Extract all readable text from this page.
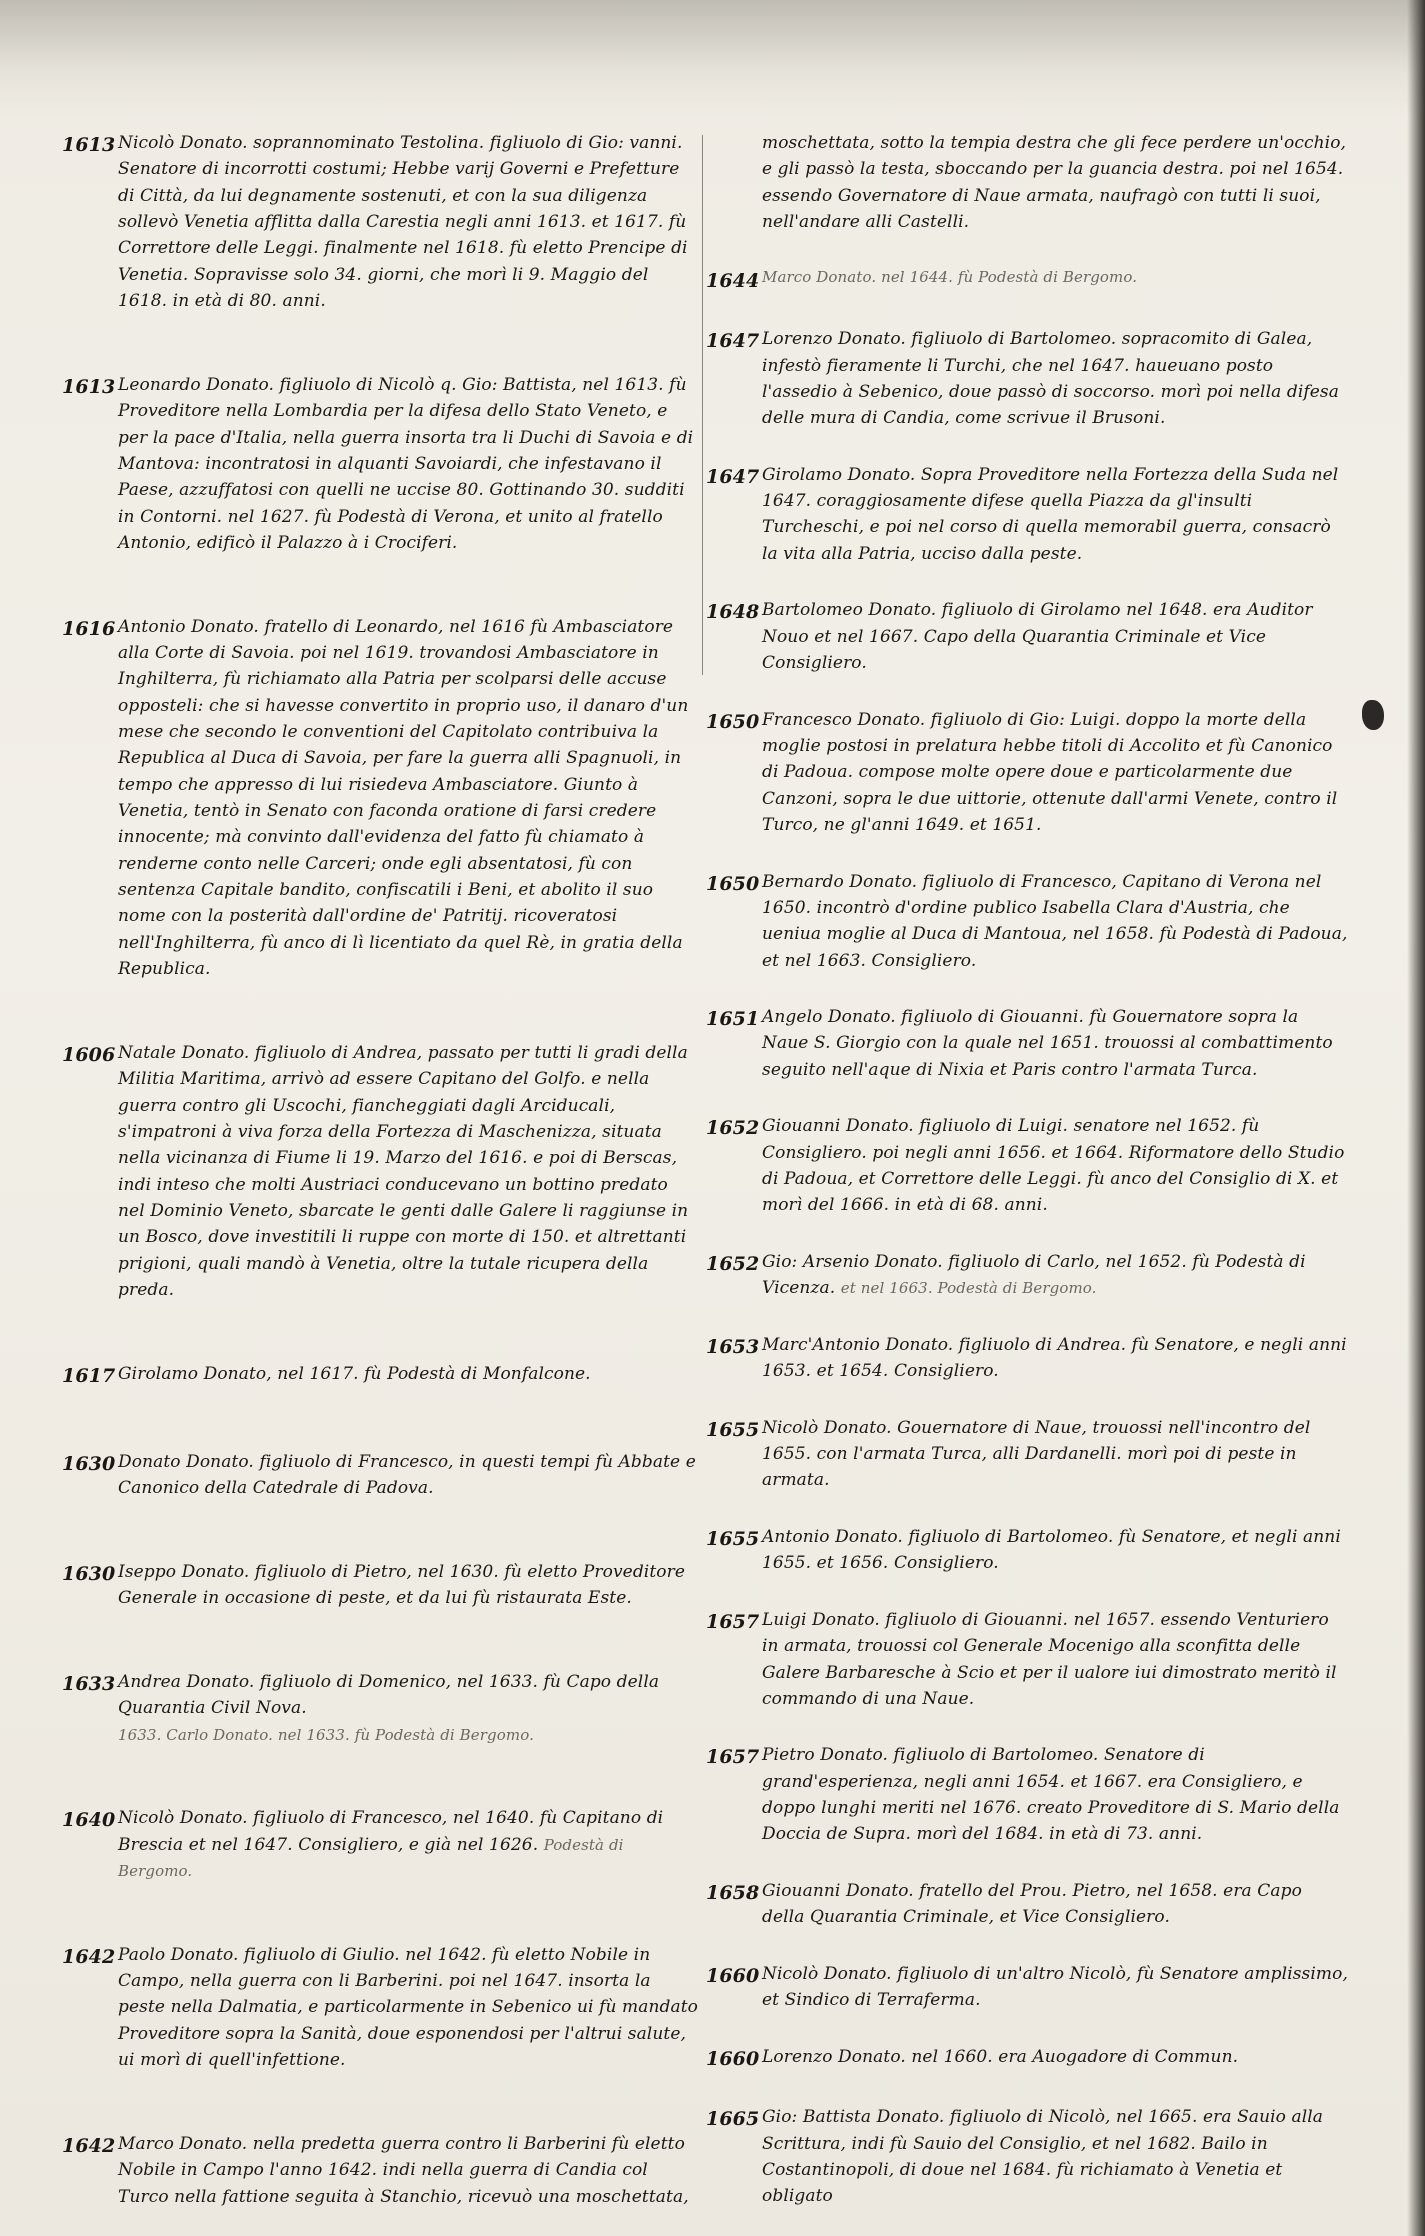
1613 Nicolò Donato. soprannominato Testolina. figliuolo di Gio: vanni. Senatore di incorrotti costumi; Hebbe varij Governi e Prefetture di Città, da lui degnamente sostenuti, et con la sua diligenza sollevò Venetia afflitta dalla Carestia negli anni 1613. et 1617. fù Correttore delle Leggi. finalmente nel 1618. fù eletto Prencipe di Venetia. Sopravisse solo 34. giorni, che morì li 9. Maggio del 1618. in età di 80. anni.
1613 Leonardo Donato. figliuolo di Nicolò q. Gio: Battista, nel 1613. fù Proveditore nella Lombardia per la difesa dello Stato Veneto, e per la pace d'Italia, nella guerra insorta tra li Duchi di Savoia e di Mantova: incontratosi in alquanti Savoiardi, che infestavano il Paese, azzuffatosi con quelli ne uccise 80. Gottinando 30. sudditi in Contorni. nel 1627. fù Podestà di Verona, et unito al fratello Antonio, edificò il Palazzo à i Crociferi.
1616 Antonio Donato. fratello di Leonardo, nel 1616 fù Ambasciatore alla Corte di Savoia. poi nel 1619. trovandosi Ambasciatore in Inghilterra, fù richiamato alla Patria per scolparsi delle accuse opposteli: che si havesse convertito in proprio uso, il danaro d'un mese che secondo le conventioni del Capitolato contribuiva la Republica al Duca di Savoia, per fare la guerra alli Spagnuoli, in tempo che appresso di lui risiedeva Ambasciatore. Giunto à Venetia, tentò in Senato con faconda oratione di farsi credere innocente; mà convinto dall'evidenza del fatto fù chiamato à renderne conto nelle Carceri; onde egli absentatosi, fù con sentenza Capitale bandito, confiscatili i Beni, et abolito il suo nome con la posterità dall'ordine de' Patritij. ricoveratosi nell'Inghilterra, fù anco di lì licentiato da quel Rè, in gratia della Republica.
1606 Natale Donato. figliuolo di Andrea, passato per tutti li gradi della Militia Maritima, arrivò ad essere Capitano del Golfo. e nella guerra contro gli Uscochi, fiancheggiati dagli Arciducali, s'impatroni à viva forza della Fortezza di Maschenizza, situata nella vicinanza di Fiume li 19. Marzo del 1616. e poi di Berscas, indi inteso che molti Austriaci conducevano un bottino predato nel Dominio Veneto, sbarcate le genti dalle Galere li raggiunse in un Bosco, dove investitili li ruppe con morte di 150. et altrettanti prigioni, quali mandò à Venetia, oltre la tutale ricupera della preda.
1617 Girolamo Donato, nel 1617. fù Podestà di Monfalcone.
1630 Donato Donato. figliuolo di Francesco, in questi tempi fù Abbate e Canonico della Catedrale di Padova.
1630 Iseppo Donato. figliuolo di Pietro, nel 1630. fù eletto Proveditore Generale in occasione di peste, et da lui fù ristaurata Este.
1633 Andrea Donato. figliuolo di Domenico, nel 1633. fù Capo della Quarantia Civil Nova.
1633. Carlo Donato. nel 1633. fù Podestà di Bergomo.
1640 Nicolò Donato. figliuolo di Francesco, nel 1640. fù Capitano di Brescia et nel 1647. Consigliero, e già nel 1626. Podestà di Bergomo.
1642 Paolo Donato. figliuolo di Giulio. nel 1642. fù eletto Nobile in Campo, nella guerra con li Barberini. poi nel 1647. insorta la peste nella Dalmatia, e particolarmente in Sebenico ui fù mandato Proveditore sopra la Sanità, doue esponendosi per l'altrui salute, ui morì di quell'infettione.
1642 Marco Donato. nella predetta guerra contro li Barberini fù eletto Nobile in Campo l'anno 1642. indi nella guerra di Candia col Turco nella fattione seguita à Stanchio, ricevuò una moschettata,
moschettata, sotto la tempia destra che gli fece perdere un'occhio, e gli passò la testa, sboccando per la guancia destra. poi nel 1654. essendo Governatore di Naue armata, naufragò con tutti li suoi, nell'andare alli Castelli.
1644 Marco Donato. nel 1644. fù Podestà di Bergomo.
1647 Lorenzo Donato. figliuolo di Bartolomeo. sopracomito di Galea, infestò fieramente li Turchi, che nel 1647. haueuano posto l'assedio à Sebenico, doue passò di soccorso. morì poi nella difesa delle mura di Candia, come scrivue il Brusoni.
1647 Girolamo Donato. Sopra Proveditore nella Fortezza della Suda nel 1647. coraggiosamente difese quella Piazza da gl'insulti Turcheschi, e poi nel corso di quella memorabil guerra, consacrò la vita alla Patria, ucciso dalla peste.
1648 Bartolomeo Donato. figliuolo di Girolamo nel 1648. era Auditor Nouo et nel 1667. Capo della Quarantia Criminale et Vice Consigliero.
1650 Francesco Donato. figliuolo di Gio: Luigi. doppo la morte della moglie postosi in prelatura hebbe titoli di Accolito et fù Canonico di Padoua. compose molte opere doue e particolarmente due Canzoni, sopra le due uittorie, ottenute dall'armi Venete, contro il Turco, ne gl'anni 1649. et 1651.
1650 Bernardo Donato. figliuolo di Francesco, Capitano di Verona nel 1650. incontrò d'ordine publico Isabella Clara d'Austria, che ueniua moglie al Duca di Mantoua, nel 1658. fù Podestà di Padoua, et nel 1663. Consigliero.
1651 Angelo Donato. figliuolo di Giouanni. fù Gouernatore sopra la Naue S. Giorgio con la quale nel 1651. trouossi al combattimento seguito nell'aque di Nixia et Paris contro l'armata Turca.
1652 Giouanni Donato. figliuolo di Luigi. senatore nel 1652. fù Consigliero. poi negli anni 1656. et 1664. Riformatore dello Studio di Padoua, et Correttore delle Leggi. fù anco del Consiglio di X. et morì del 1666. in età di 68. anni.
1652 Gio: Arsenio Donato. figliuolo di Carlo, nel 1652. fù Podestà di Vicenza. et nel 1663. Podestà di Bergomo.
1653 Marc'Antonio Donato. figliuolo di Andrea. fù Senatore, e negli anni 1653. et 1654. Consigliero.
1655 Nicolò Donato. Gouernatore di Naue, trouossi nell'incontro del 1655. con l'armata Turca, alli Dardanelli. morì poi di peste in armata.
1655 Antonio Donato. figliuolo di Bartolomeo. fù Senatore, et negli anni 1655. et 1656. Consigliero.
1657 Luigi Donato. figliuolo di Giouanni. nel 1657. essendo Venturiero in armata, trouossi col Generale Mocenigo alla sconfitta delle Galere Barbaresche à Scio et per il ualore iui dimostrato meritò il commando di una Naue.
1657 Pietro Donato. figliuolo di Bartolomeo. Senatore di grand'esperienza, negli anni 1654. et 1667. era Consigliero, e doppo lunghi meriti nel 1676. creato Proveditore di S. Mario della Doccia de Supra. morì del 1684. in età di 73. anni.
1658 Giouanni Donato. fratello del Prou. Pietro, nel 1658. era Capo della Quarantia Criminale, et Vice Consigliero.
1660 Nicolò Donato. figliuolo di un'altro Nicolò, fù Senatore amplissimo, et Sindico di Terraferma.
1660 Lorenzo Donato. nel 1660. era Auogadore di Commun.
1665 Gio: Battista Donato. figliuolo di Nicolò, nel 1665. era Sauio alla Scrittura, indi fù Sauio del Consiglio, et nel 1682. Bailo in Costantinopoli, di doue nel 1684. fù richiamato à Venetia et obligato
